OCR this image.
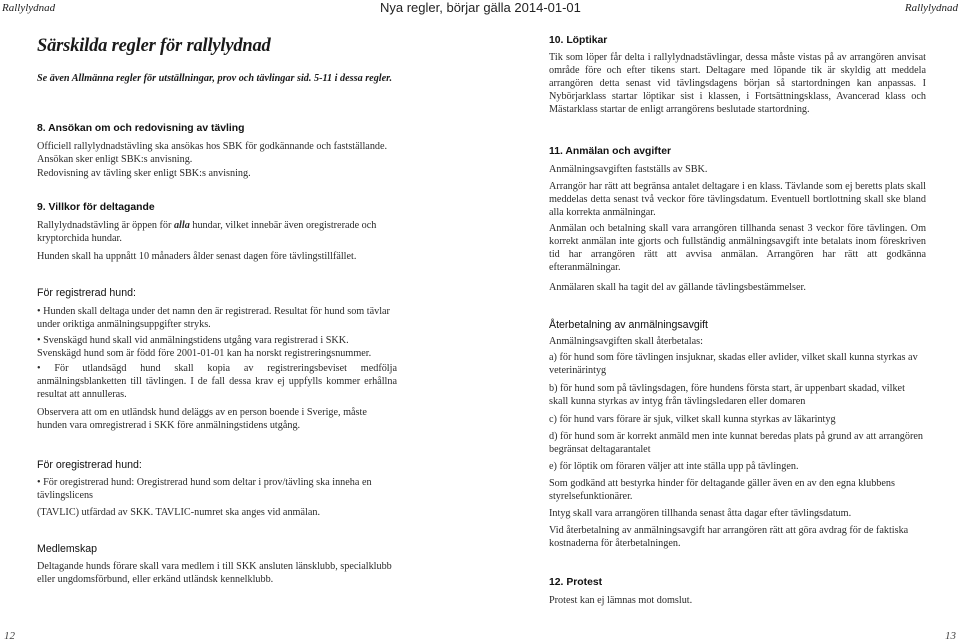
Rallylydnad	Nya regler, börjar gälla 2014-01-01	Rallylydnad
Särskilda regler för rallylydnad
Se även Allmänna regler för utställningar, prov och tävlingar sid. 5-11 i dessa regler.
8. Ansökan om och redovisning av tävling
Officiell rallylydnadstävling ska ansökas hos SBK för godkännande och fastställande. Ansökan sker enligt SBK:s anvisning.
Redovisning av tävling sker enligt SBK:s anvisning.
9. Villkor för deltagande
Rallylydnadstävling är öppen för alla hundar, vilket innebär även oregistrerade och kryptorchida hundar.
Hunden skall ha uppnått 10 månaders ålder senast dagen före tävlingstillfället.
För registrerad hund:
• Hunden skall deltaga under det namn den är registrerad. Resultat för hund som tävlar under oriktiga anmälningsuppgifter stryks.
• Svenskägd hund skall vid anmälningstidens utgång vara registrerad i SKK.
Svenskägd hund som är född före 2001-01-01 kan ha norskt registreringsnummer.
• För utlandsägd hund skall kopia av registreringsbeviset medfölja anmälningsblanketten till tävlingen. I de fall dessa krav ej uppfylls kommer erhållna resultat att annulleras.
Observera att om en utländsk hund deläggs av en person boende i Sverige, måste hunden vara omregistrerad i SKK före anmälningstidens utgång.
För oregistrerad hund:
• För oregistrerad hund: Oregistrerad hund som deltar i prov/tävling ska inneha en tävlingslicens
(TAVLIC) utfärdad av SKK. TAVLIC-numret ska anges vid anmälan.
Medlemskap
Deltagande hunds förare skall vara medlem i till SKK ansluten länsklubb, specialklubb eller ungdomsförbund, eller erkänd utländsk kennelklubb.
10. Löptikar
Tik som löper får delta i rallylydnadstävlingar, dessa måste vistas på av arrangören anvisat område före och efter tikens start. Deltagare med löpande tik är skyldig att meddela arrangören detta senast vid tävlingsdagens början så startordningen kan anpassas. I Nybörjarklass startar löptikar sist i klassen, i Fortsättningsklass, Avancerad klass och Mästarklass startar de enligt arrangörens beslutade startordning.
11. Anmälan och avgifter
Anmälningsavgiften fastställs av SBK.
Arrangör har rätt att begränsa antalet deltagare i en klass. Tävlande som ej beretts plats skall meddelas detta senast två veckor före tävlingsdatum. Eventuell bortlottning skall ske bland alla korrekta anmälningar.
Anmälan och betalning skall vara arrangören tillhanda senast 3 veckor före tävlingen. Om korrekt anmälan inte gjorts och fullständig anmälningsavgift inte betalats inom föreskriven tid har arrangören rätt att avvisa anmälan. Arrangören har rätt att godkänna efteranmälningar.
Anmälaren skall ha tagit del av gällande tävlingsbestämmelser.
Återbetalning av anmälningsavgift
Anmälningsavgiften skall återbetalas:
a) för hund som före tävlingen insjuknar, skadas eller avlider, vilket skall kunna styrkas av veterinärintyg
b) för hund som på tävlingsdagen, före hundens första start, är uppenbart skadad, vilket skall kunna styrkas av intyg från tävlingsledaren eller domaren
c) för hund vars förare är sjuk, vilket skall kunna styrkas av läkarintyg
d) för hund som är korrekt anmäld men inte kunnat beredas plats på grund av att arrangören begränsat deltagarantalet
e) för löptik om föraren väljer att inte ställa upp på tävlingen.
Som godkänd att bestyrka hinder för deltagande gäller även en av den egna klubbens styrelsefunktionärer.
Intyg skall vara arrangören tillhanda senast åtta dagar efter tävlingsdatum.
Vid återbetalning av anmälningsavgift har arrangören rätt att göra avdrag för de faktiska kostnaderna för återbetalningen.
12. Protest
Protest kan ej lämnas mot domslut.
12	13
